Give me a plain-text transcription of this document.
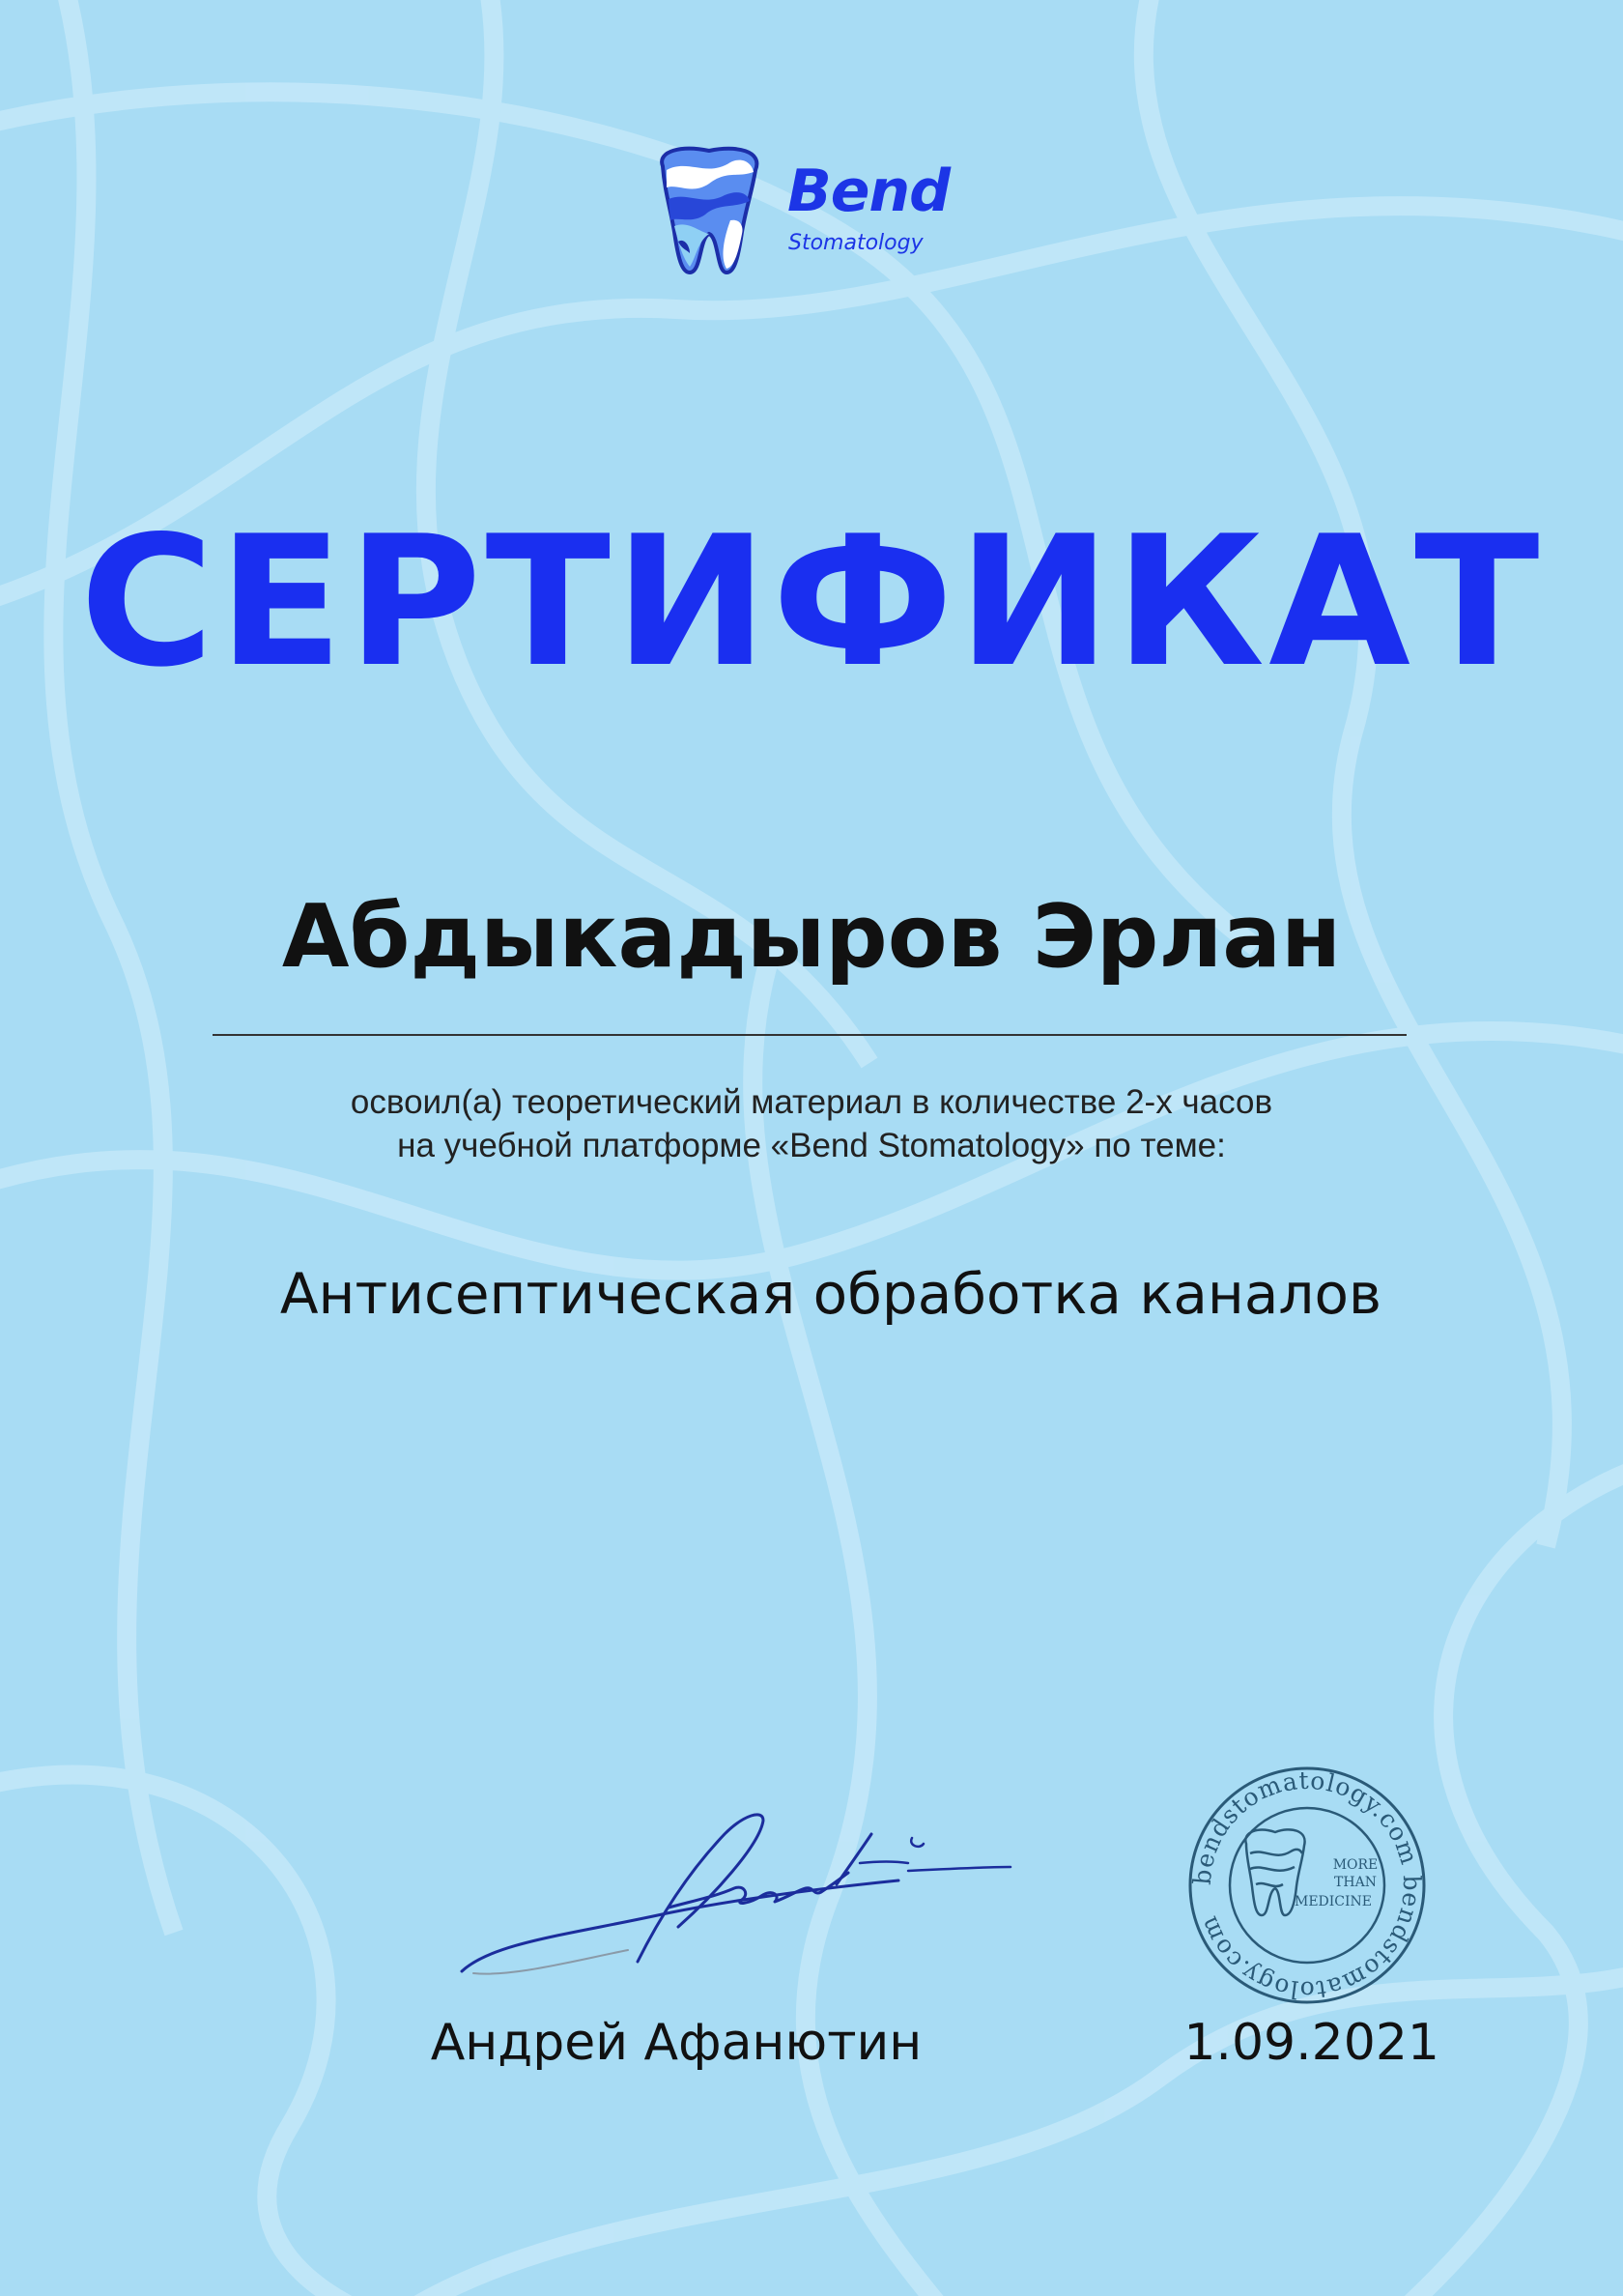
Bend
Stomatology
СЕРТИФИКАТ
Абдыкадыров Эрлан
освоил(а) теоретический материал в количестве 2-х часов
на учебной платформе «Bend Stomatology» по теме:
Антисептическая обработка каналов
Андрей Афанютин
bendstomatology.com bendstomatology.com
MORE
THAN
MEDICINE
1.09.2021
